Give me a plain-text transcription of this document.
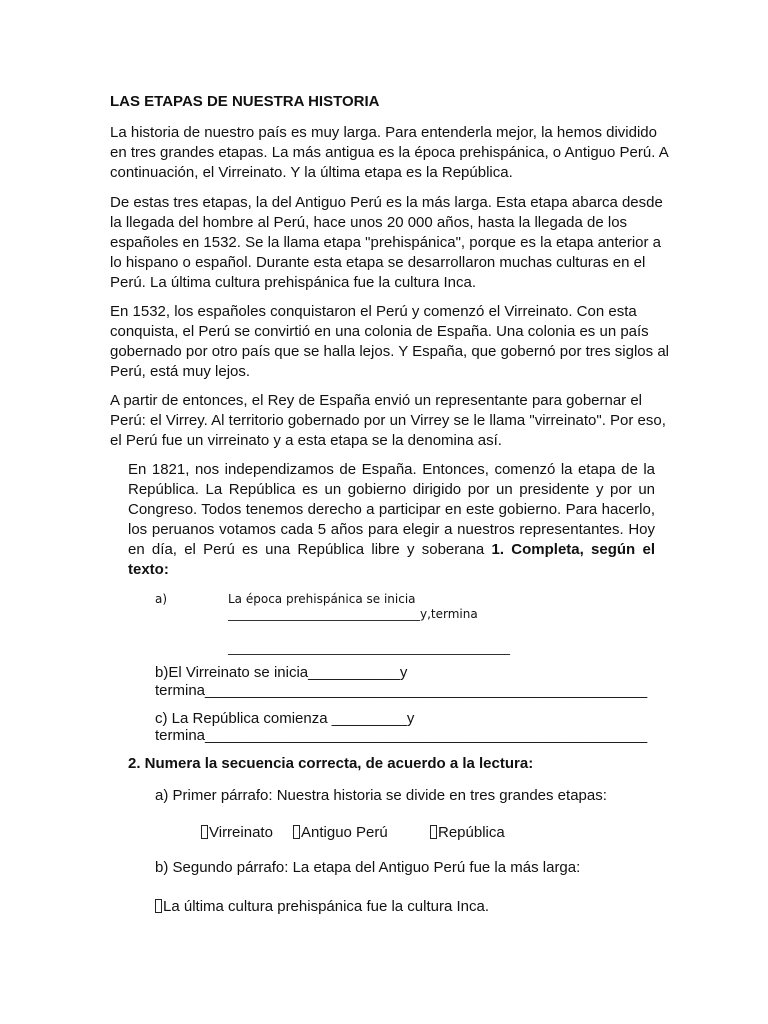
LAS ETAPAS DE NUESTRA HISTORIA

La historia de nuestro país es muy larga. Para entenderla mejor, la hemos dividido en tres grandes etapas. La más antigua es la época prehispánica, o Antiguo Perú. A continuación, el Virreinato. Y la última etapa es la República.

De estas tres etapas, la del Antiguo Perú es la más larga. Esta etapa abarca desde la llegada del hombre al Perú, hace unos 20 000 años, hasta la llegada de los españoles en 1532. Se la llama etapa "prehispánica", porque es la etapa anterior a lo hispano o español. Durante esta etapa se desarrollaron muchas culturas en el Perú. La última cultura prehispánica fue la cultura Inca.

En 1532, los españoles conquistaron el Perú y comenzó el Virreinato. Con esta conquista, el Perú se convirtió en una colonia de España. Una colonia es un país gobernado por otro país que se halla lejos. Y España, que gobernó por tres siglos al Perú, está muy lejos.

A partir de entonces, el Rey de España envió un representante para gobernar el Perú: el Virrey. Al territorio gobernado por un Virrey se le llama "virreinato". Por eso, el Perú fue un virreinato y a esta etapa se la denomina así.

En 1821, nos independizamos de España. Entonces, comenzó la etapa de la República. La República es un gobierno dirigido por un presidente y por un Congreso. Todos tenemos derecho a participar en este gobierno. Para hacerlo, los peruanos votamos cada 5 años para elegir a nuestros representantes. Hoy en día, el Perú es una República libre y soberana 1. Completa, según el texto:

a)	La época prehispánica se inicia
________________________________y,termina
_______________________________________________
b)El Virreinato se inicia___________y
termina_____________________________________________________
c) La República comienza _________y
termina_____________________________________________________
2. Numera la secuencia correcta, de acuerdo a la lectura:
a) Primer párrafo: Nuestra historia se divide en tres grandes etapas:
Virreinato	Antiguo Perú	República
b) Segundo párrafo: La etapa del Antiguo Perú fue la más larga:
La última cultura prehispánica fue la cultura Inca.
